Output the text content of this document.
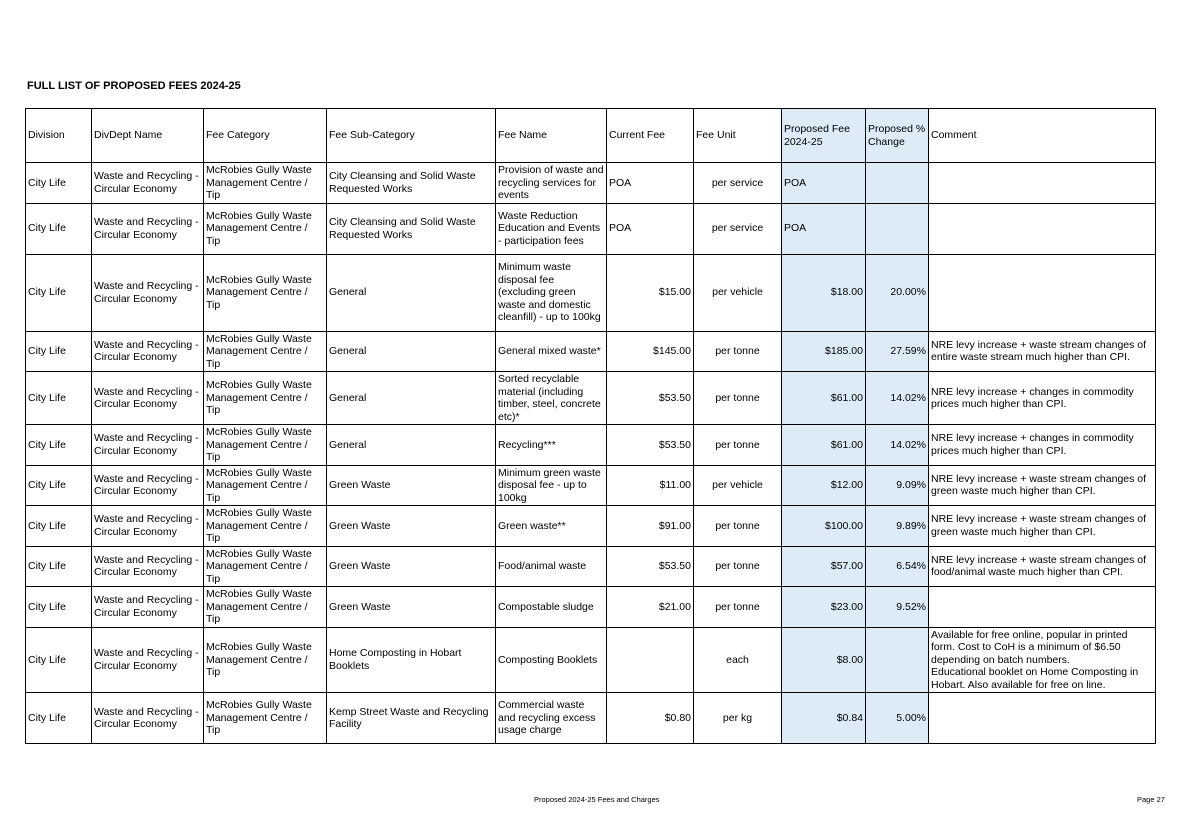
FULL LIST OF PROPOSED FEES 2024-25
Division	DivDept Name	Fee Category	Fee Sub-Category	Fee Name	Current Fee	Fee Unit	Proposed Fee 2024-25	Proposed % Change	Comment
City Life	Waste and Recycling - Circular Economy	McRobies Gully Waste Management Centre / Tip	City Cleansing and Solid Waste Requested Works	Provision of waste and recycling services for events	POA	per service	POA		
City Life	Waste and Recycling - Circular Economy	McRobies Gully Waste Management Centre / Tip	City Cleansing and Solid Waste Requested Works	Waste Reduction Education and Events - participation fees	POA	per service	POA		
City Life	Waste and Recycling - Circular Economy	McRobies Gully Waste Management Centre / Tip	General	Minimum waste disposal fee (excluding green waste and domestic cleanfill) - up to 100kg	$15.00	per vehicle	$18.00	20.00%	
City Life	Waste and Recycling - Circular Economy	McRobies Gully Waste Management Centre / Tip	General	General mixed waste*	$145.00	per tonne	$185.00	27.59%	NRE levy increase + waste stream changes of entire waste stream much higher than CPI.
City Life	Waste and Recycling - Circular Economy	McRobies Gully Waste Management Centre / Tip	General	Sorted recyclable material (including timber, steel, concrete etc)*	$53.50	per tonne	$61.00	14.02%	NRE levy increase + changes in commodity prices much higher than CPI.
City Life	Waste and Recycling - Circular Economy	McRobies Gully Waste Management Centre / Tip	General	Recycling***	$53.50	per tonne	$61.00	14.02%	NRE levy increase + changes in commodity prices much higher than CPI.
City Life	Waste and Recycling - Circular Economy	McRobies Gully Waste Management Centre / Tip	Green Waste	Minimum green waste disposal fee - up to 100kg	$11.00	per vehicle	$12.00	9.09%	NRE levy increase + waste stream changes of green waste much higher than CPI.
City Life	Waste and Recycling - Circular Economy	McRobies Gully Waste Management Centre / Tip	Green Waste	Green waste**	$91.00	per tonne	$100.00	9.89%	NRE levy increase + waste stream changes of green waste much higher than CPI.
City Life	Waste and Recycling - Circular Economy	McRobies Gully Waste Management Centre / Tip	Green Waste	Food/animal waste	$53.50	per tonne	$57.00	6.54%	NRE levy increase + waste stream changes of food/animal waste much higher than CPI.
City Life	Waste and Recycling - Circular Economy	McRobies Gully Waste Management Centre / Tip	Green Waste	Compostable sludge	$21.00	per tonne	$23.00	9.52%	
City Life	Waste and Recycling - Circular Economy	McRobies Gully Waste Management Centre / Tip	Home Composting in Hobart Booklets	Composting Booklets		each	$8.00		Available for free online, popular in printed form. Cost to CoH is a minimum of $6.50 depending on batch numbers.
Educational booklet on Home Composting in Hobart. Also available for free on line.
City Life	Waste and Recycling - Circular Economy	McRobies Gully Waste Management Centre / Tip	Kemp Street Waste and Recycling Facility	Commercial waste and recycling excess usage charge	$0.80	per kg	$0.84	5.00%	
Proposed 2024-25 Fees and Charges	Page 27
